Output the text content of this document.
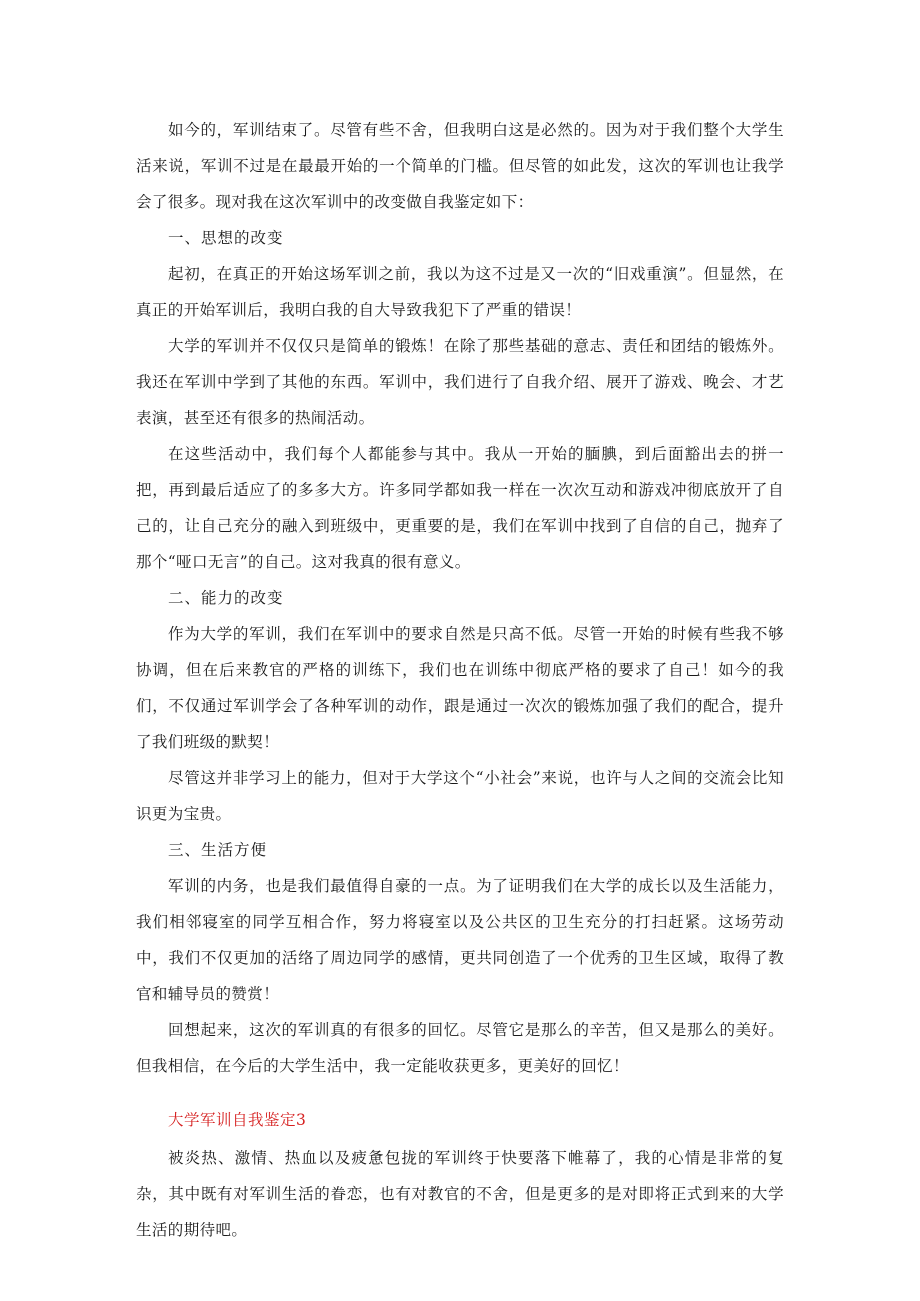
如今的，军训结束了。尽管有些不舍，但我明白这是必然的。因为对于我们整个大学生活来说，军训不过是在最最开始的一个简单的门槛。但尽管的如此发，这次的军训也让我学会了很多。现对我在这次军训中的改变做自我鉴定如下：

一、思想的改变

起初，在真正的开始这场军训之前，我以为这不过是又一次的“旧戏重演”。但显然，在真正的开始军训后，我明白我的自大导致我犯下了严重的错误！

大学的军训并不仅仅只是简单的锻炼！在除了那些基础的意志、责任和团结的锻炼外。我还在军训中学到了其他的东西。军训中，我们进行了自我介绍、展开了游戏、晚会、才艺表演，甚至还有很多的热闹活动。

在这些活动中，我们每个人都能参与其中。我从一开始的腼腆，到后面豁出去的拼一把，再到最后适应了的多多大方。许多同学都如我一样在一次次互动和游戏冲彻底放开了自己的，让自己充分的融入到班级中，更重要的是，我们在军训中找到了自信的自己，抛弃了那个“哑口无言”的自己。这对我真的很有意义。

二、能力的改变

作为大学的军训，我们在军训中的要求自然是只高不低。尽管一开始的时候有些我不够协调，但在后来教官的严格的训练下，我们也在训练中彻底严格的要求了自己！如今的我们，不仅通过军训学会了各种军训的动作，跟是通过一次次的锻炼加强了我们的配合，提升了我们班级的默契！

尽管这并非学习上的能力，但对于大学这个“小社会”来说，也许与人之间的交流会比知识更为宝贵。

三、生活方便

军训的内务，也是我们最值得自豪的一点。为了证明我们在大学的成长以及生活能力，我们相邻寝室的同学互相合作，努力将寝室以及公共区的卫生充分的打扫赶紧。这场劳动中，我们不仅更加的活络了周边同学的感情，更共同创造了一个优秀的卫生区域，取得了教官和辅导员的赞赏！

回想起来，这次的军训真的有很多的回忆。尽管它是那么的辛苦，但又是那么的美好。但我相信，在今后的大学生活中，我一定能收获更多，更美好的回忆！

大学军训自我鉴定3

被炎热、激情、热血以及疲惫包拢的军训终于快要落下帷幕了，我的心情是非常的复杂，其中既有对军训生活的眷恋，也有对教官的不舍，但是更多的是对即将正式到来的大学生活的期待吧。
